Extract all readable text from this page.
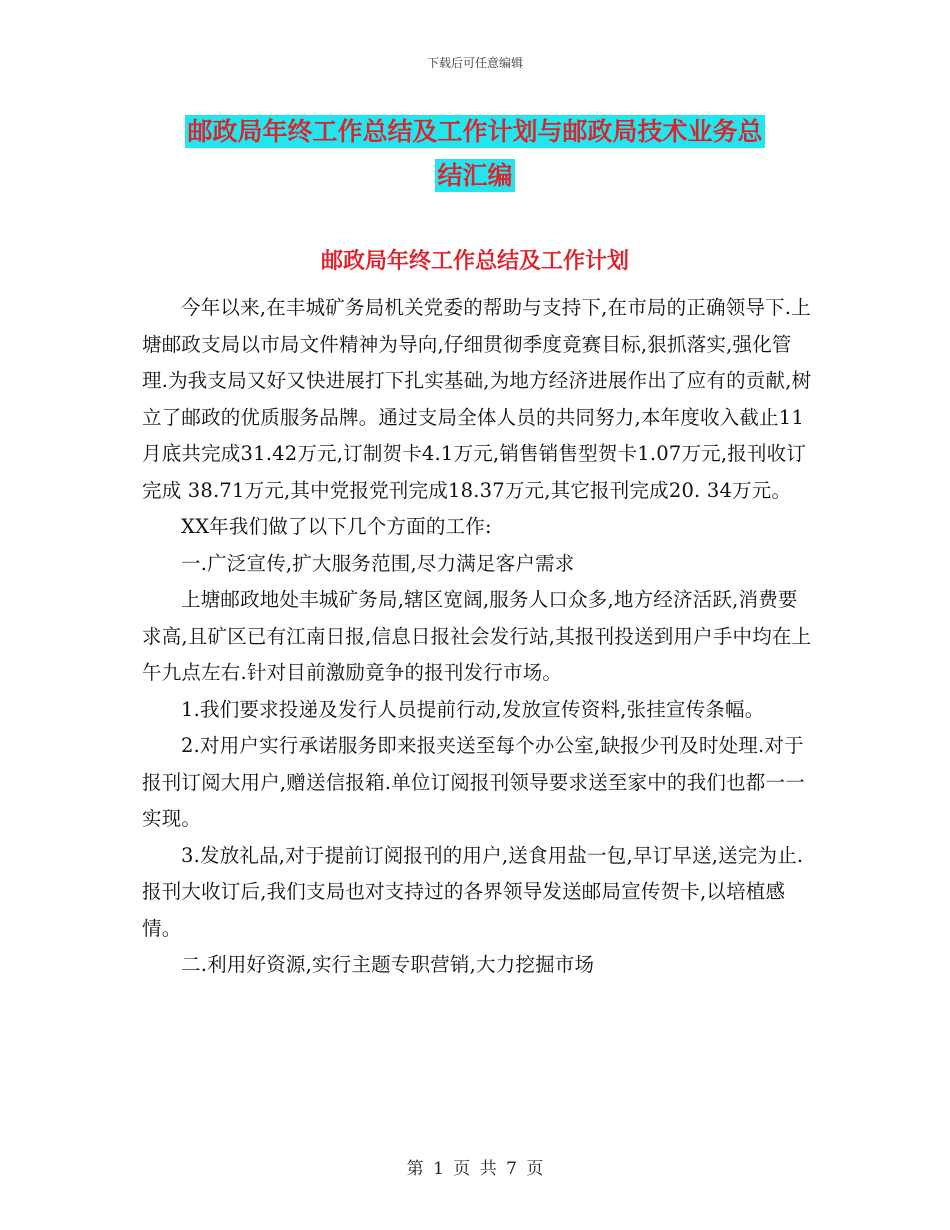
下载后可任意编辑
邮政局年终工作总结及工作计划与邮政局技术业务总
结汇编
邮政局年终工作总结及工作计划

今年以来,在丰城矿务局机关党委的帮助与支持下,在市局的正确领导下.上塘邮政支局以市局文件精神为导向,仔细贯彻季度竟赛目标,狠抓落实,强化管理.为我支局又好又快进展打下扎实基础,为地方经济进展作出了应有的贡献,树立了邮政的优质服务品牌。通过支局全体人员的共同努力,本年度收入截止11月底共完成31.42万元,订制贺卡4.1万元,销售销售型贺卡1.07万元,报刊收订完成 38.71万元,其中党报党刊完成18.37万元,其它报刊完成20. 34万元。

XX年我们做了以下几个方面的工作:

一.广泛宣传,扩大服务范围,尽力满足客户需求

上塘邮政地处丰城矿务局,辖区宽阔,服务人口众多,地方经济活跃,消费要求高,且矿区已有江南日报,信息日报社会发行站,其报刊投送到用户手中均在上午九点左右.针对目前激励竟争的报刊发行市场。

1.我们要求投递及发行人员提前行动,发放宣传资料,张挂宣传条幅。

2.对用户实行承诺服务即来报夹送至每个办公室,缺报少刊及时处理.对于报刊订阅大用户,赠送信报箱.单位订阅报刊领导要求送至家中的我们也都一一实现。

3.发放礼品,对于提前订阅报刊的用户,送食用盐一包,早订早送,送完为止.报刊大收订后,我们支局也对支持过的各界领导发送邮局宣传贺卡,以培植感情。

二.利用好资源,实行主题专职营销,大力挖掘市场

第 1 页 共 7 页
